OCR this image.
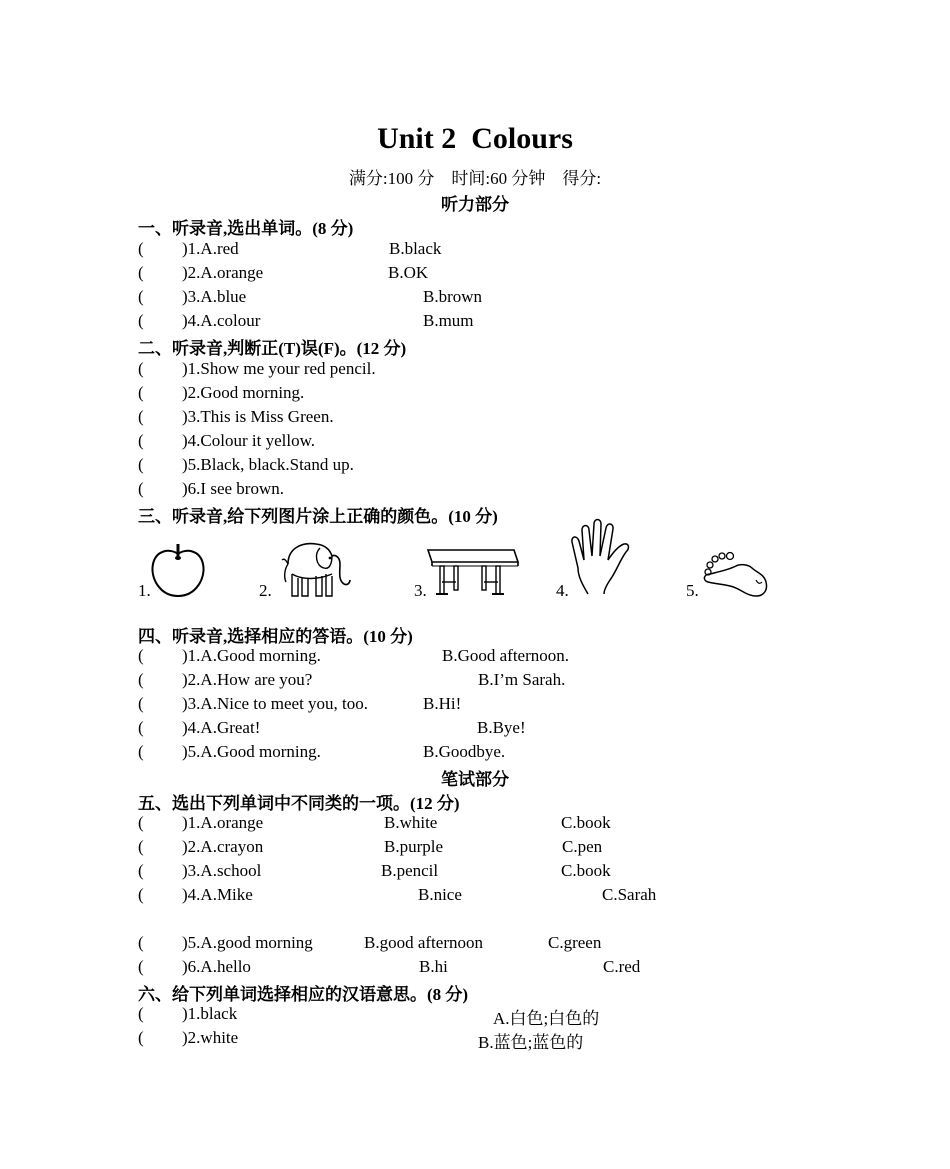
Unit 2  Colours
满分:100 分    时间:60 分钟    得分:
听力部分
一、听录音,选出单词。(8 分)

( )1.A.red	B.black

( )2.A.orange	B.OK

( )3.A.blue	B.brown

( )4.A.colour	B.mum

二、听录音,判断正(T)误(F)。(12 分)
( )1.Show me your red pencil.
( )2.Good morning.
( )3.This is Miss Green.
( )4.Colour it yellow.
( )5.Black, black.Stand up.
( )6.I see brown.
三、听录音,给下列图片涂上正确的颜色。(10 分)
1.	2.	3.	4.	5.
四、听录音,选择相应的答语。(10 分)

( )1.A.Good morning.	B.Good afternoon.

( )2.A.How are you?	B.I’m Sarah.

( )3.A.Nice to meet you, too.	B.Hi!

( )4.A.Great!	B.Bye!

( )5.A.Good morning.	B.Goodbye.

笔试部分
五、选出下列单词中不同类的一项。(12 分)

( )1.A.orange	B.white	C.book

( )2.A.crayon	B.purple	C.pen

( )3.A.school	B.pencil	C.book

( )4.A.Mike	B.nice	C.Sarah

( )5.A.good morning	B.good afternoon	C.green

( )6.A.hello	B.hi	C.red

六、给下列单词选择相应的汉语意思。(8 分)

( )1.black	A.白色;白色的

( )2.white	B.蓝色;蓝色的
